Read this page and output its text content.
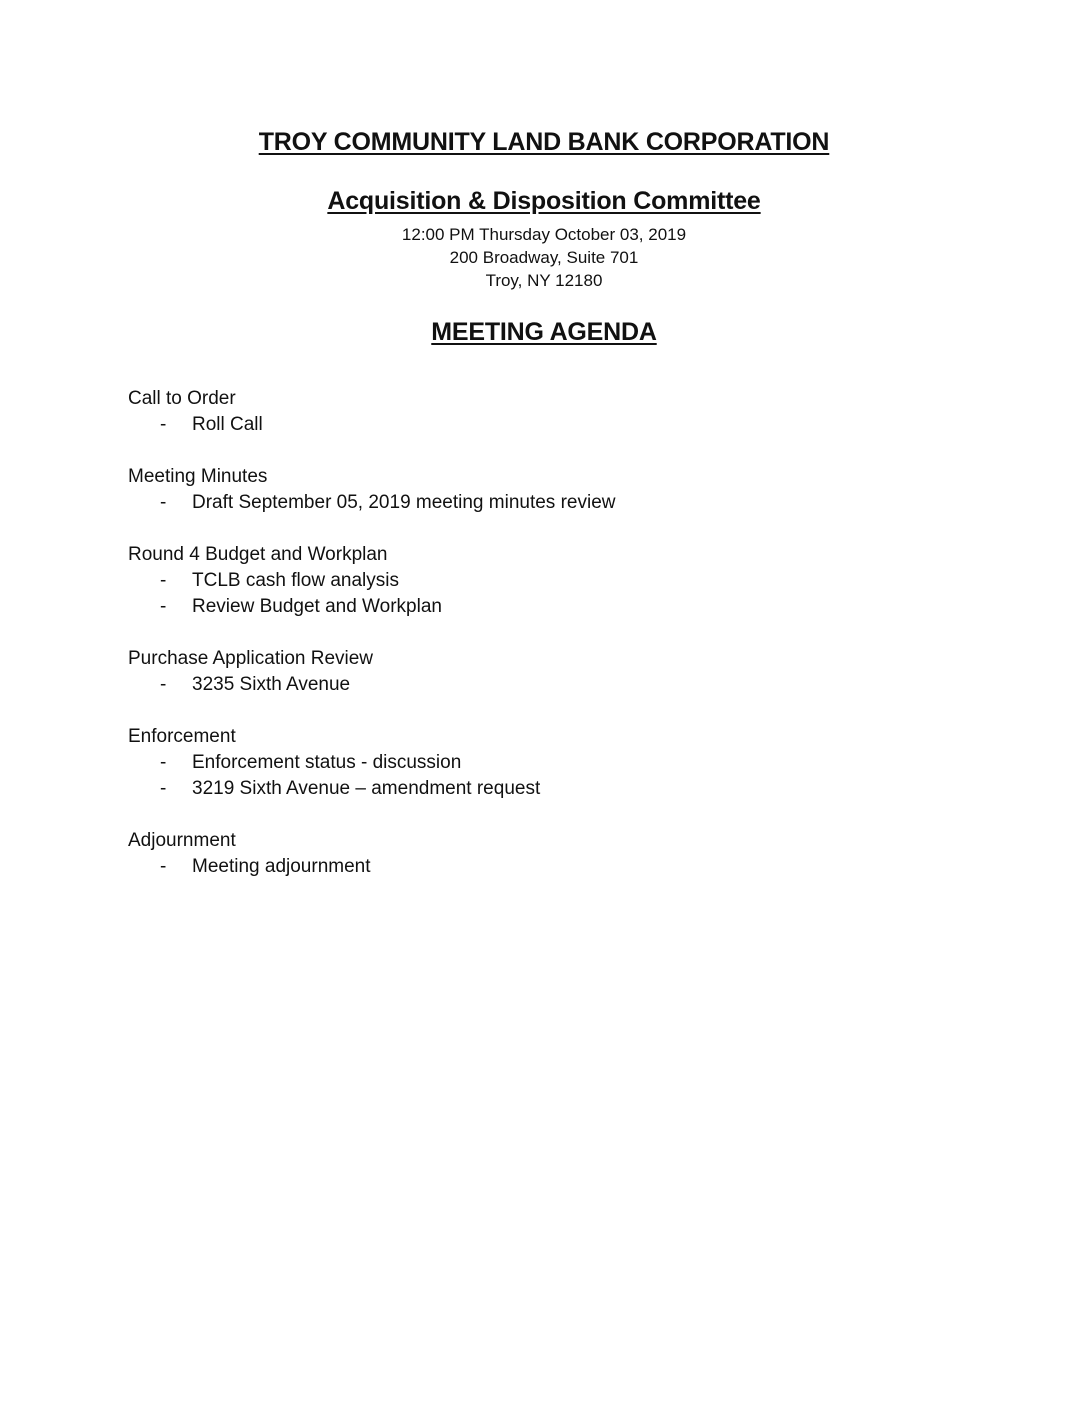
TROY COMMUNITY LAND BANK CORPORATION
Acquisition & Disposition Committee
12:00 PM Thursday October 03, 2019
200 Broadway, Suite 701
Troy, NY 12180
MEETING AGENDA
Call to Order
- Roll Call
Meeting Minutes
- Draft September 05, 2019 meeting minutes review
Round 4 Budget and Workplan
- TCLB cash flow analysis
- Review Budget and Workplan
Purchase Application Review
- 3235 Sixth Avenue
Enforcement
- Enforcement status - discussion
- 3219 Sixth Avenue – amendment request
Adjournment
- Meeting adjournment
